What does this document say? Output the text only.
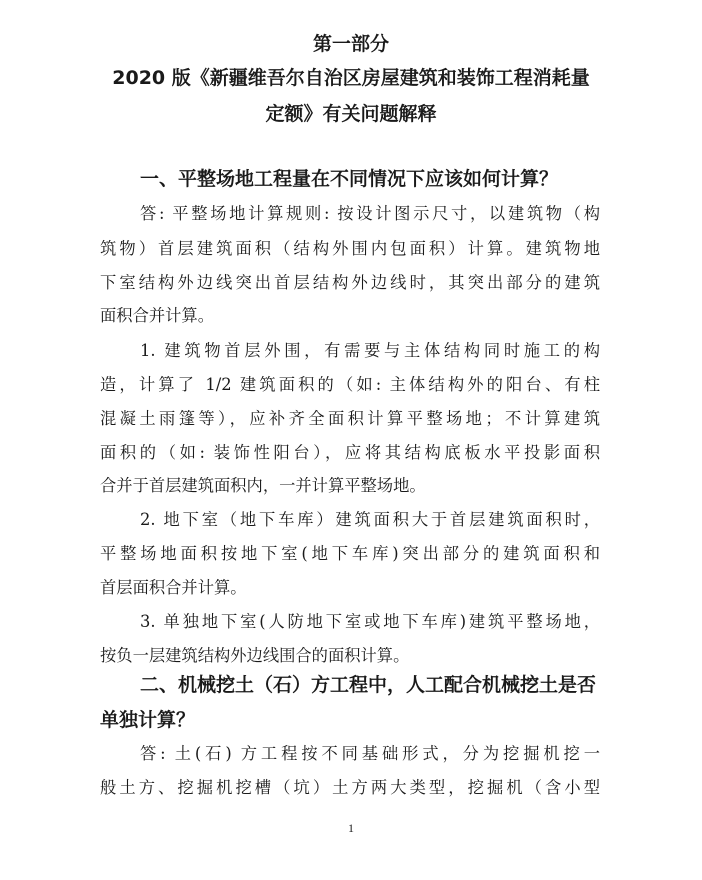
第一部分
2020 版《新疆维吾尔自治区房屋建筑和装饰工程消耗量
定额》有关问题解释
一、平整场地工程量在不同情况下应该如何计算？
答: 平整场地计算规则: 按设计图示尺寸，以建筑物（构
筑物）首层建筑面积（结构外围内包面积）计算。建筑物地
下室结构外边线突出首层结构外边线时，其突出部分的建筑
面积合并计算。
1. 建筑物首层外围，有需要与主体结构同时施工的构
造，计算了 1/2 建筑面积的（如: 主体结构外的阳台、有柱
混凝土雨篷等），应补齐全面积计算平整场地；不计算建筑
面积的（如: 装饰性阳台），应将其结构底板水平投影面积
合并于首层建筑面积内，一并计算平整场地。
2. 地下室（地下车库）建筑面积大于首层建筑面积时，
平整场地面积按地下室(地下车库)突出部分的建筑面积和
首层面积合并计算。
3. 单独地下室(人防地下室或地下车库)建筑平整场地，
按负一层建筑结构外边线围合的面积计算。
二、机械挖土（石）方工程中，人工配合机械挖土是否
单独计算？
答: 土(石) 方工程按不同基础形式，分为挖掘机挖一
般土方、挖掘机挖槽（坑）土方两大类型，挖掘机（含小型
1
